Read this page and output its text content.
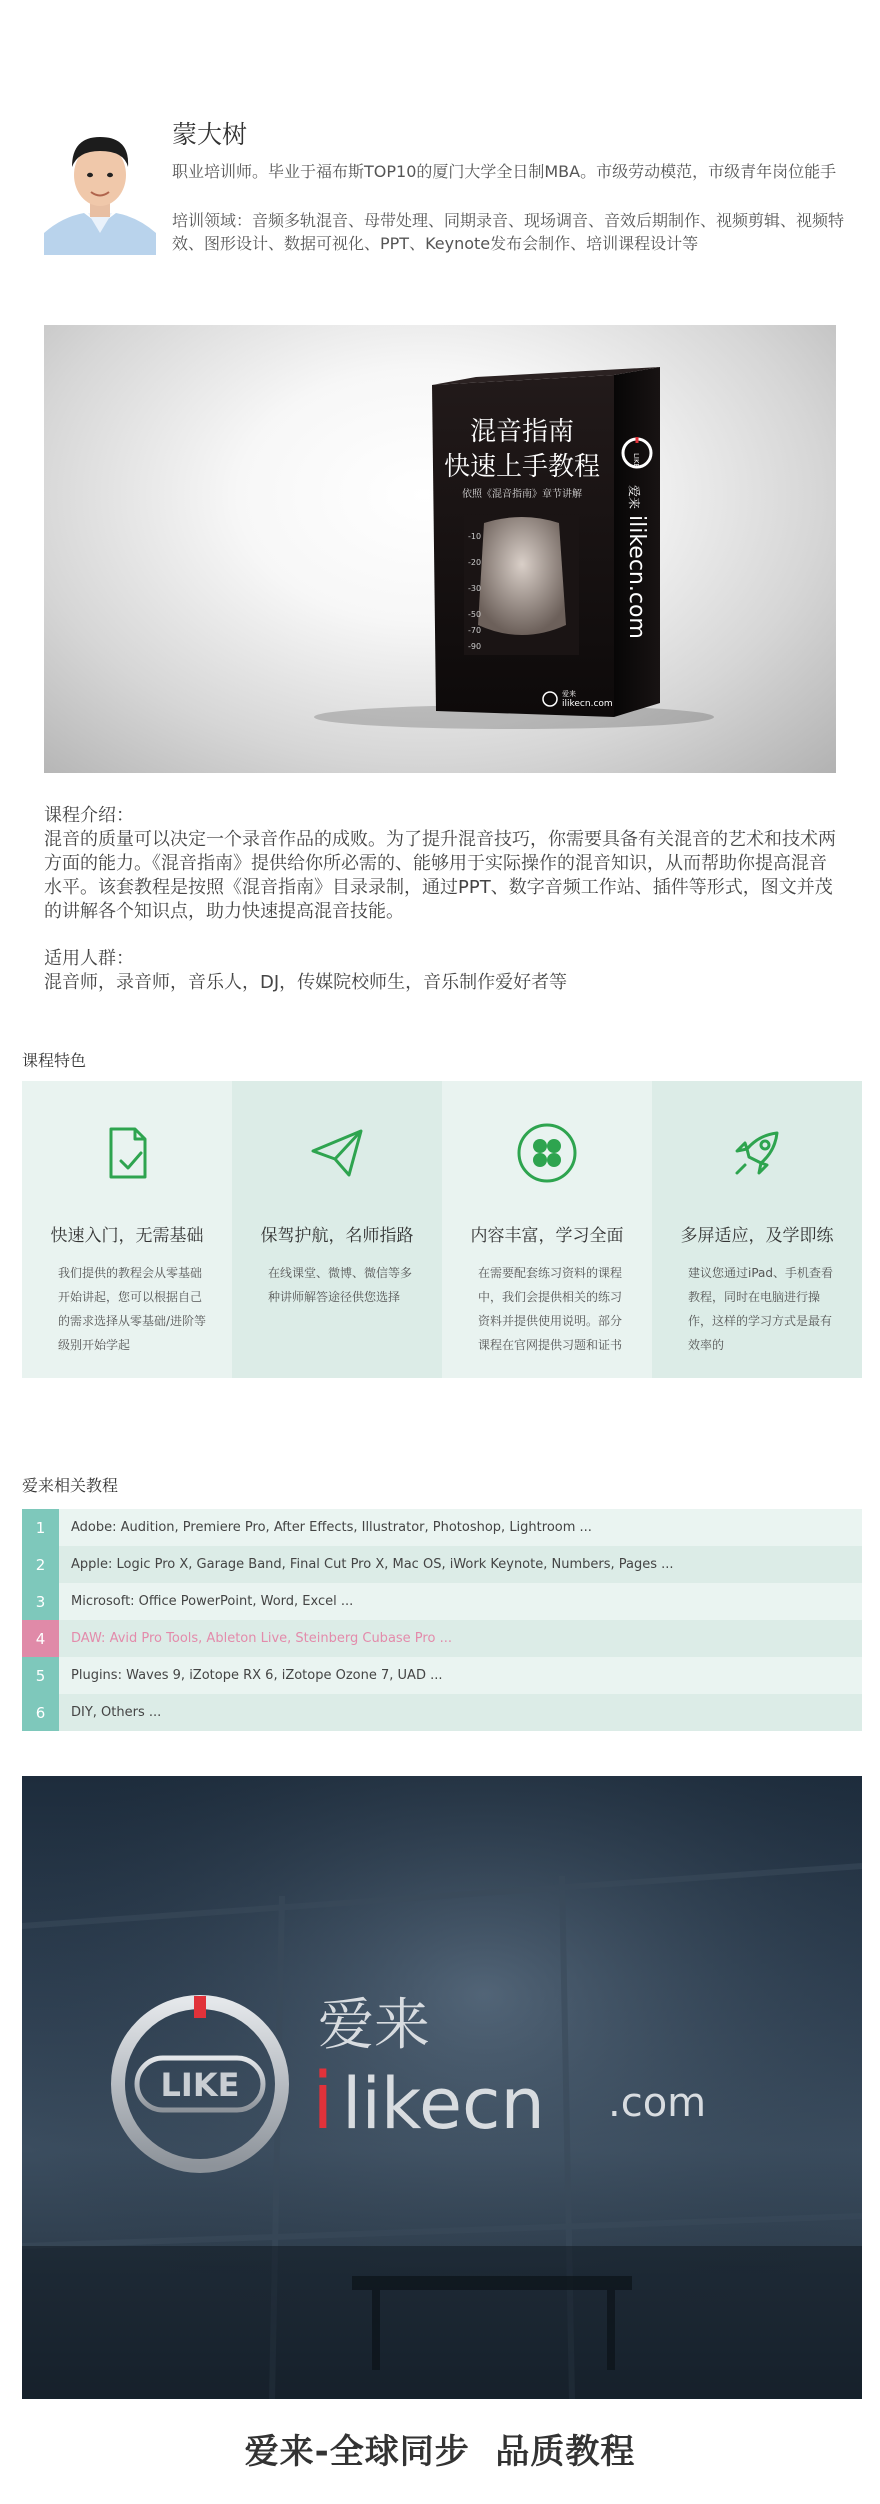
蒙大树
职业培训师。毕业于福布斯TOP10的厦门大学全日制MBA。市级劳动模范，市级青年岗位能手
培训领域：音频多轨混音、母带处理、同期录音、现场调音、音效后期制作、视频剪辑、视频特效、图形设计、数据可视化、PPT、Keynote发布会制作、培训课程设计等
混音指南
快速上手教程
依照《混音指南》章节讲解
-10
-20
-30
-50
-70
-90
爱来
ilikecn.com
LIKE
爱来
ilikecn.com
课程介绍：
混音的质量可以决定一个录音作品的成败。为了提升混音技巧，你需要具备有关混音的艺术和技术两方面的能力。《混音指南》提供给你所必需的、能够用于实际操作的混音知识，从而帮助你提高混音水平。该套教程是按照《混音指南》目录录制，通过PPT、数字音频工作站、插件等形式，图文并茂的讲解各个知识点，助力快速提高混音技能。
适用人群：
混音师，录音师，音乐人，DJ，传媒院校师生，音乐制作爱好者等
课程特色
快速入门，无需基础
我们提供的教程会从零基础开始讲起，您可以根据自己的需求选择从零基础/进阶等级别开始学起
保驾护航，名师指路
在线课堂、微博、微信等多种讲师解答途径供您选择
内容丰富，学习全面
在需要配套练习资料的课程中，我们会提供相关的练习资料并提供使用说明。部分课程在官网提供习题和证书
多屏适应，及学即练
建议您通过iPad、手机查看教程，同时在电脑进行操作，这样的学习方式是最有效率的
爱来相关教程
1	Adobe: Audition, Premiere Pro, After Effects, Illustrator, Photoshop, Lightroom ...
2	Apple: Logic Pro X, Garage Band, Final Cut Pro X, Mac OS, iWork Keynote, Numbers, Pages ...
3	Microsoft: Office PowerPoint, Word, Excel ...
4	DAW: Avid Pro Tools, Ableton Live, Steinberg Cubase Pro ...
5	Plugins: Waves 9, iZotope RX 6, iZotope Ozone 7, UAD ...
6	DIY, Others ...
LIKE
爱来
i likecn .com
爱来-全球同步  品质教程
